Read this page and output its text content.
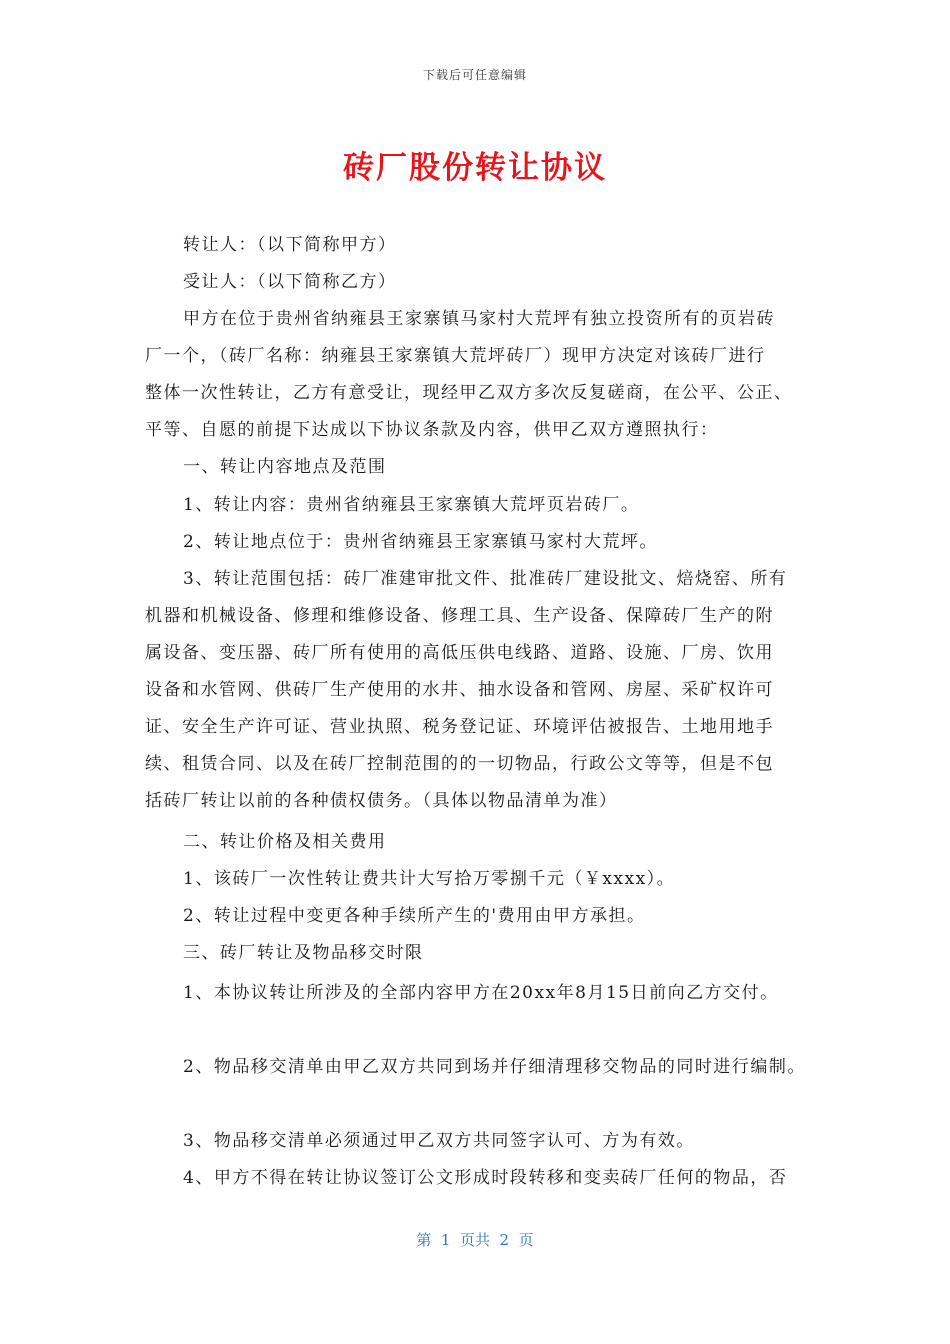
下载后可任意编辑
砖厂股份转让协议
转让人：（以下简称甲方）
受让人：（以下简称乙方）
甲方在位于贵州省纳雍县王家寨镇马家村大荒坪有独立投资所有的页岩砖
厂一个，（砖厂名称：纳雍县王家寨镇大荒坪砖厂）现甲方决定对该砖厂进行
整体一次性转让，乙方有意受让，现经甲乙双方多次反复磋商，在公平、公正、
平等、自愿的前提下达成以下协议条款及内容，供甲乙双方遵照执行：
一、转让内容地点及范围
1、转让内容：贵州省纳雍县王家寨镇大荒坪页岩砖厂。
2、转让地点位于：贵州省纳雍县王家寨镇马家村大荒坪。
3、转让范围包括：砖厂准建审批文件、批准砖厂建设批文、焙烧窑、所有
机器和机械设备、修理和维修设备、修理工具、生产设备、保障砖厂生产的附
属设备、变压器、砖厂所有使用的高低压供电线路、道路、设施、厂房、饮用
设备和水管网、供砖厂生产使用的水井、抽水设备和管网、房屋、采矿权许可
证、安全生产许可证、营业执照、税务登记证、环境评估被报告、土地用地手
续、租赁合同、以及在砖厂控制范围的的一切物品，行政公文等等，但是不包
括砖厂转让以前的各种债权债务。（具体以物品清单为准）
二、转让价格及相关费用
1、该砖厂一次性转让费共计大写拾万零捌千元（￥xxxx）。
2、转让过程中变更各种手续所产生的'费用由甲方承担。
三、砖厂转让及物品移交时限
1、本协议转让所涉及的全部内容甲方在20xx年8月15日前向乙方交付。
2、物品移交清单由甲乙双方共同到场并仔细清理移交物品的同时进行编制。
3、物品移交清单必须通过甲乙双方共同签字认可、方为有效。
4、甲方不得在转让协议签订公文形成时段转移和变卖砖厂任何的物品，否
第  1  页共  2  页
